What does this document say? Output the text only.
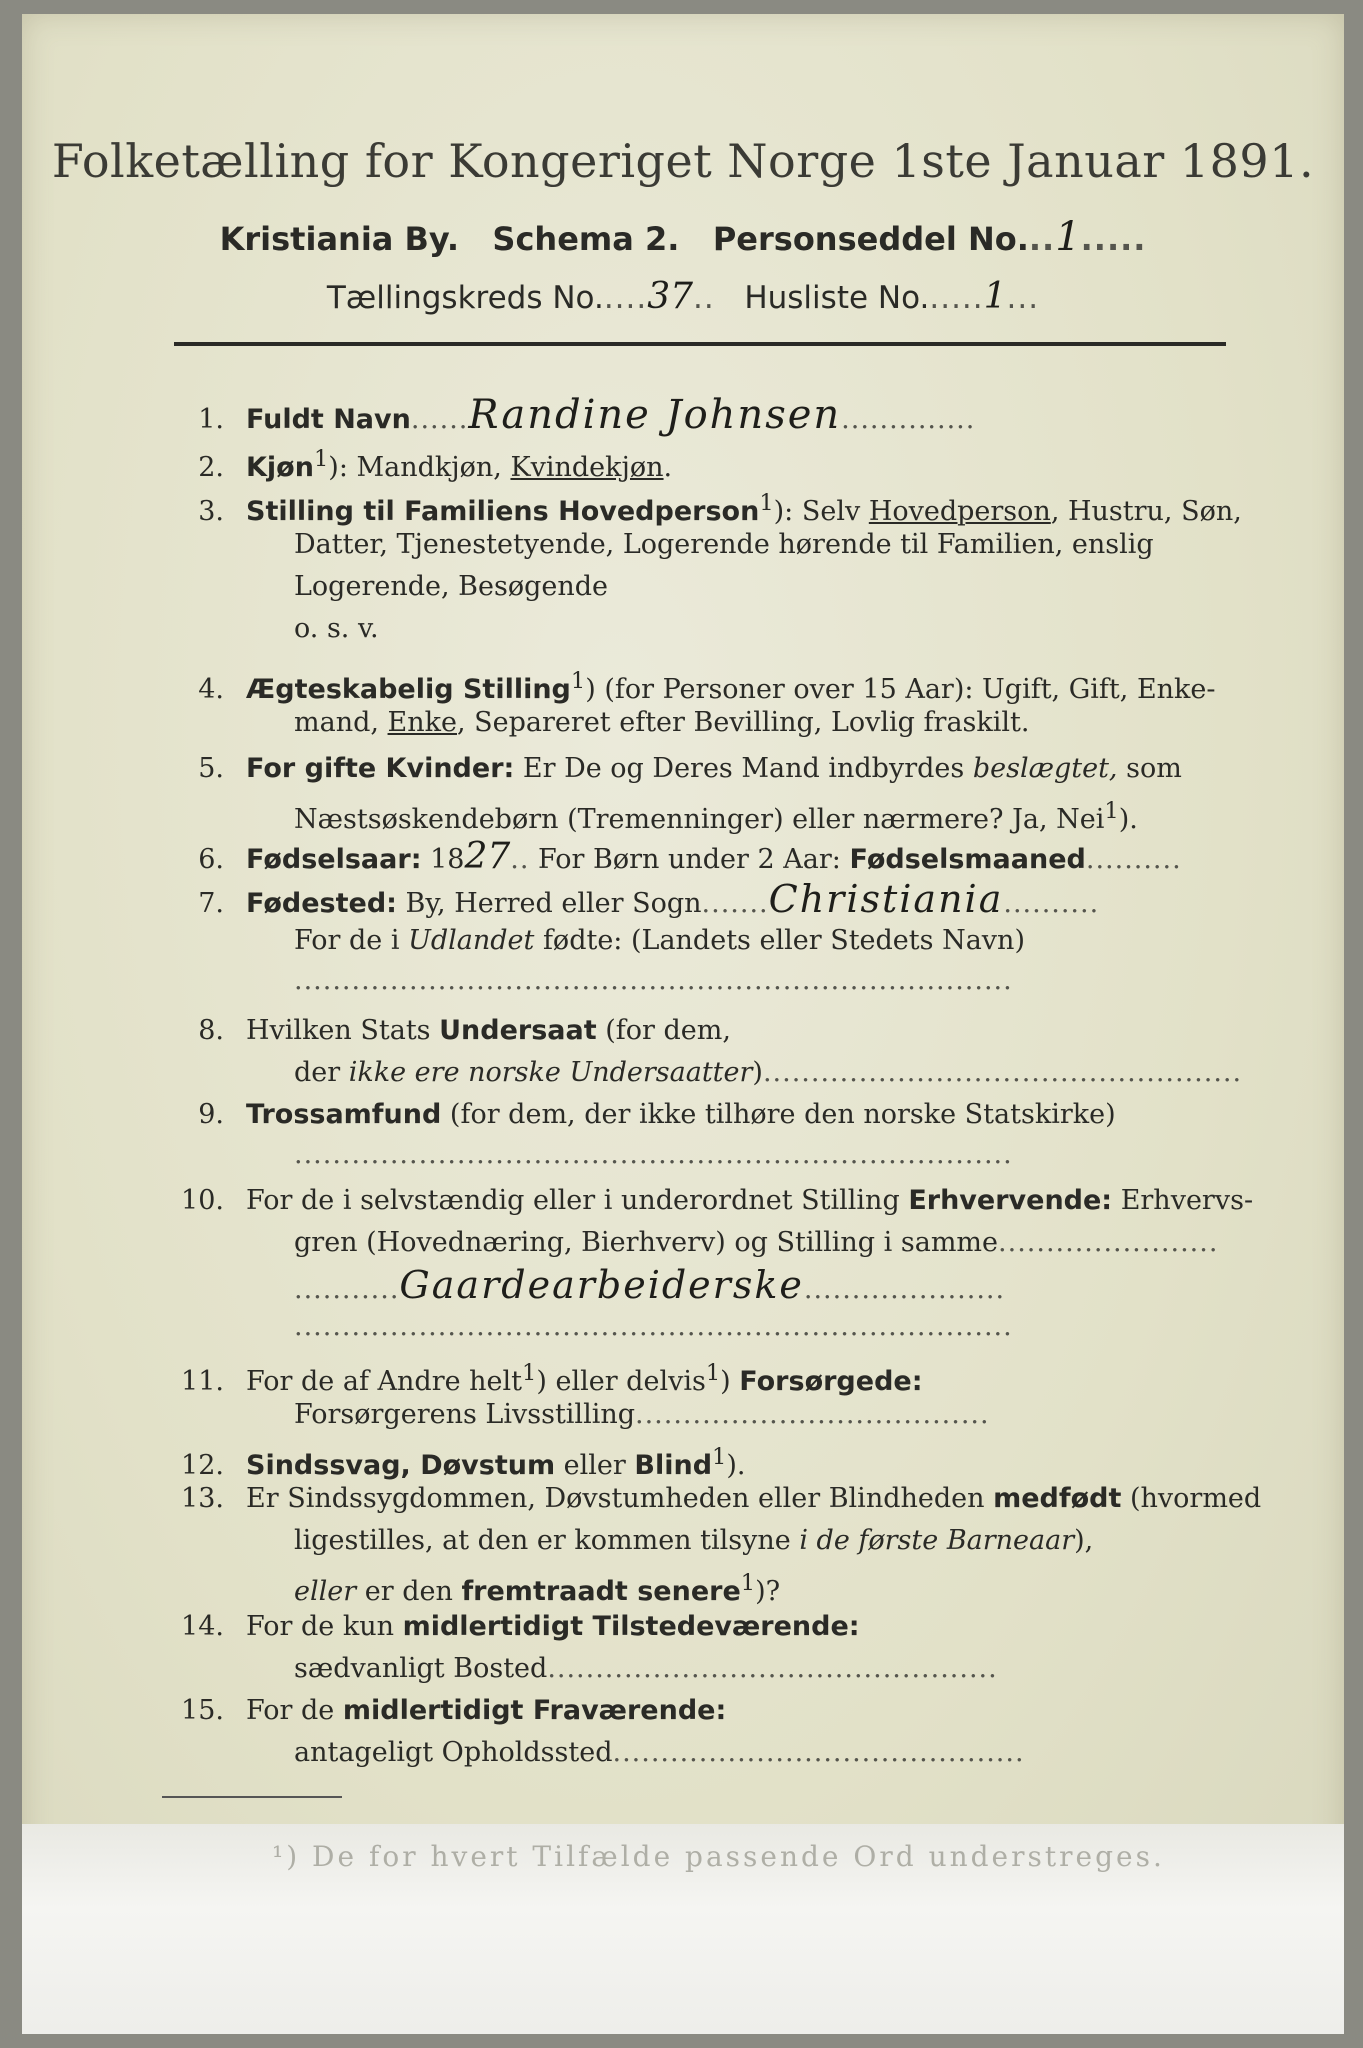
Folketælling for Kongeriget Norge 1ste Januar 1891.
Kristiania By. Schema 2. Personseddel No...1.....
Tællingskreds No.....37.. Husliste No......1...
1. Fuldt Navn......Randine Johnsen..............
2. Kjøn$^1$): Mandkjøn, Kvindekjøn.
3. Stilling til Familiens Hovedperson$^1$): Selv Hovedperson, Hustru, Søn,
Datter, Tjenestetyende, Logerende hørende til Familien, enslig
Logerende, Besøgende
o. s. v.
4. Ægteskabelig Stilling$^1$) (for Personer over 15 Aar): Ugift, Gift, Enke-
mand, Enke, Separeret efter Bevilling, Lovlig fraskilt.
5. For gifte Kvinder: Er De og Deres Mand indbyrdes beslægtet, som
Næstsøskendebørn (Tremenninger) eller nærmere? Ja, Nei$^1$).
6. Fødselsaar: 1827.. For Børn under 2 Aar: Fødselsmaaned..........
7. Fødested: By, Herred eller Sogn.......Christiania..........
For de i Udlandet fødte: (Landets eller Stedets Navn)
...........................................................................
8. Hvilken Stats Undersaat (for dem,
der ikke ere norske Undersaatter)..................................................
9. Trossamfund (for dem, der ikke tilhøre den norske Statskirke)
...........................................................................
10. For de i selvstændig eller i underordnet Stilling Erhvervende: Erhvervs-
gren (Hovednæring, Bierhverv) og Stilling i samme.......................
...........Gaardearbeiderske.....................
...........................................................................
11. For de af Andre helt$^1$) eller delvis$^1$) Forsørgede:
Forsørgerens Livsstilling.....................................
12. Sindssvag, Døvstum eller Blind$^1$).
13. Er Sindssygdommen, Døvstumheden eller Blindheden medfødt (hvormed
ligestilles, at den er kommen tilsyne i de første Barneaar),
eller er den fremtraadt senere$^1$)?
14. For de kun midlertidigt Tilstedeværende:
sædvanligt Bosted...............................................
15. For de midlertidigt Fraværende:
antageligt Opholdssted...........................................
¹) De for hvert Tilfælde passende Ord understreges.
